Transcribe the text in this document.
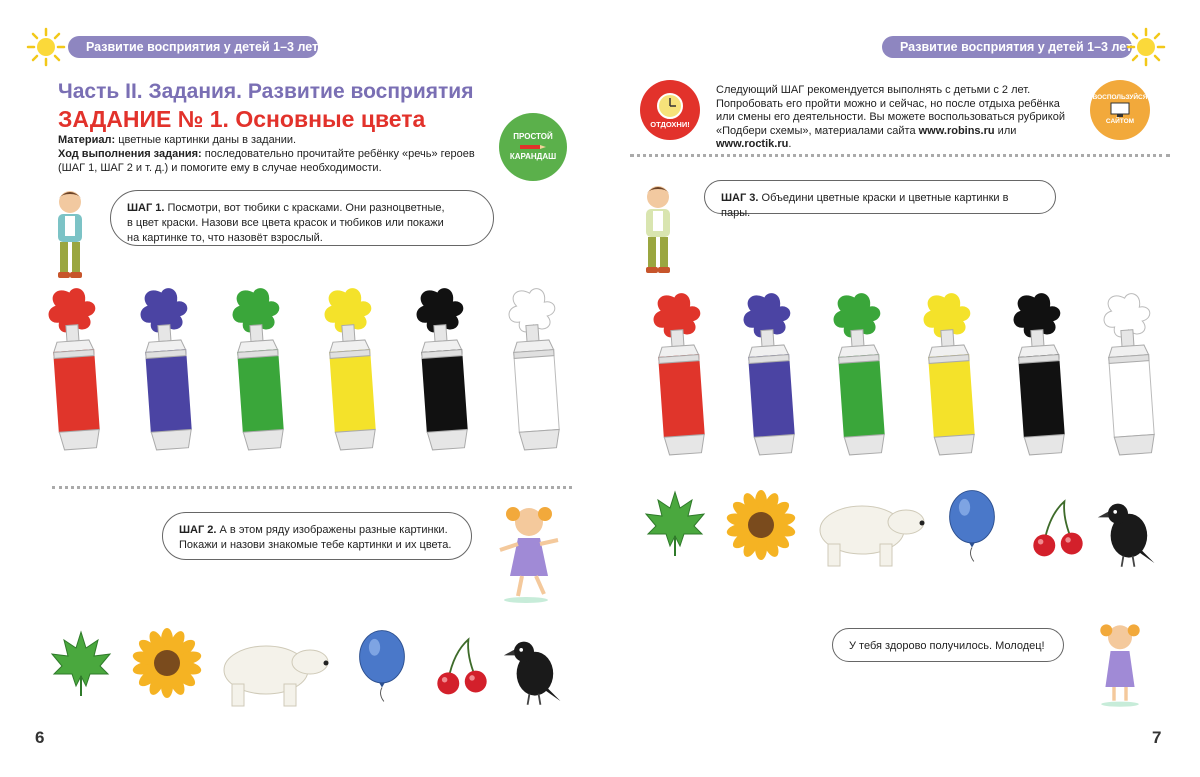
Развитие восприятия у детей 1–3 лет
Часть II. Задания. Развитие восприятия
ЗАДАНИЕ № 1. Основные цвета
Материал: цветные картинки даны в задании.
Ход выполнения задания: последовательно прочитайте ребёнку «речь» героев
(ШАГ 1, ШАГ 2 и т. д.) и помогите ему в случае необходимости.
ПРОСТОЙ
КАРАНДАШ
ШАГ 1. Посмотри, вот тюбики с красками. Они разноцветные,
в цвет краски. Назови все цвета красок и тюбиков или покажи
на картинке то, что назовёт взрослый.
ШАГ 2. А в этом ряду изображены разные картинки.
Покажи и назови знакомые тебе картинки и их цвета.
6
Развитие восприятия у детей 1–3 лет
ОТДОХНИ!
Следующий ШАГ рекомендуется выполнять с детьми с 2 лет.
Попробовать его пройти можно и сейчас, но после отдыха ребёнка
или смены его деятельности. Вы можете воспользоваться рубрикой
«Подбери схемы», материалами сайта www.robins.ru или www.roctik.ru.
ВОСПОЛЬЗУЙСЯ
САЙТОМ
ШАГ 3. Объедини цветные краски и цветные картинки в пары.
У тебя здорово получилось. Молодец!
7
